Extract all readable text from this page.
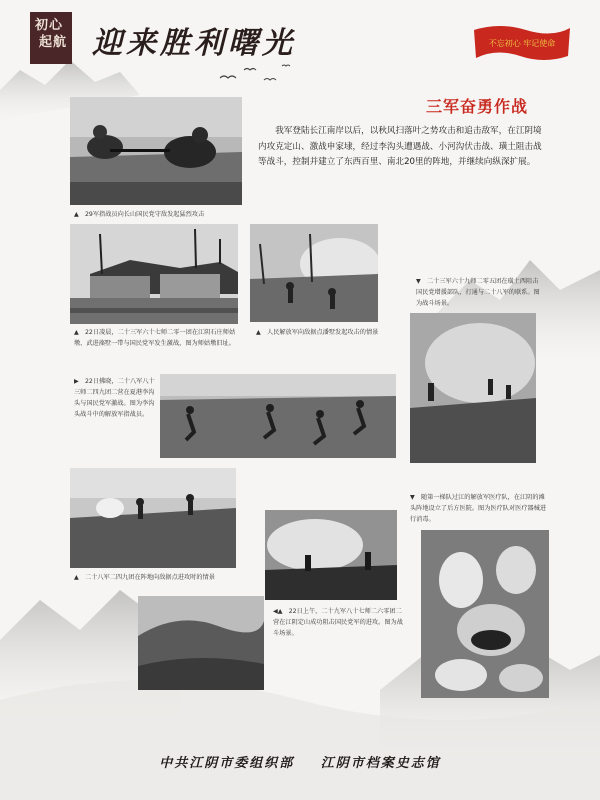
初心
起航 迎来胜利曙光	不忘初心 牢记使命
三军奋勇作战
我军登陆长江南岸以后，以秋风扫落叶之势攻击和追击敌军，在江阴境内攻克定山、激战申家埭，经过李沟头遭遇战、小河沟伏击战、璜土阻击战等战斗，控制并建立了东西百里、南北20里的阵地，并继续向纵深扩展。
▲　29军指战员向长山国民党守敌发起猛烈攻击
▲　22日凌晨，二十三军六十七师二零一团在江阴石庄师姑墩、武进藻墅一带与国民党军发生激战，图为师姑墩旧址。
▲　人民解放军向敌据点潘墅发起攻击的情景
▼　二十三军六十九师二零五团在璜土西阻击国民党增援部队，打通与二十八军的联系。图为战斗场景。
▶　22日拂晓，二十八军八十三师二四九团二营在夏港李沟头与国民党军激战。图为李沟头战斗中的解放军指战员。
▲　二十八军二四九团在阵地向敌据点进攻时的情景
◀▲　22日上午，二十九军八十七师二六零团二营在江阴定山成功阻击国民党军的进攻。图为战斗场景。
▼　随第一梯队过江的解放军医疗队，在江阴的滩头阵地设立了后方医院。图为医疗队对医疗器械进行消毒。
中共江阴市委组织部 江阴市档案史志馆
